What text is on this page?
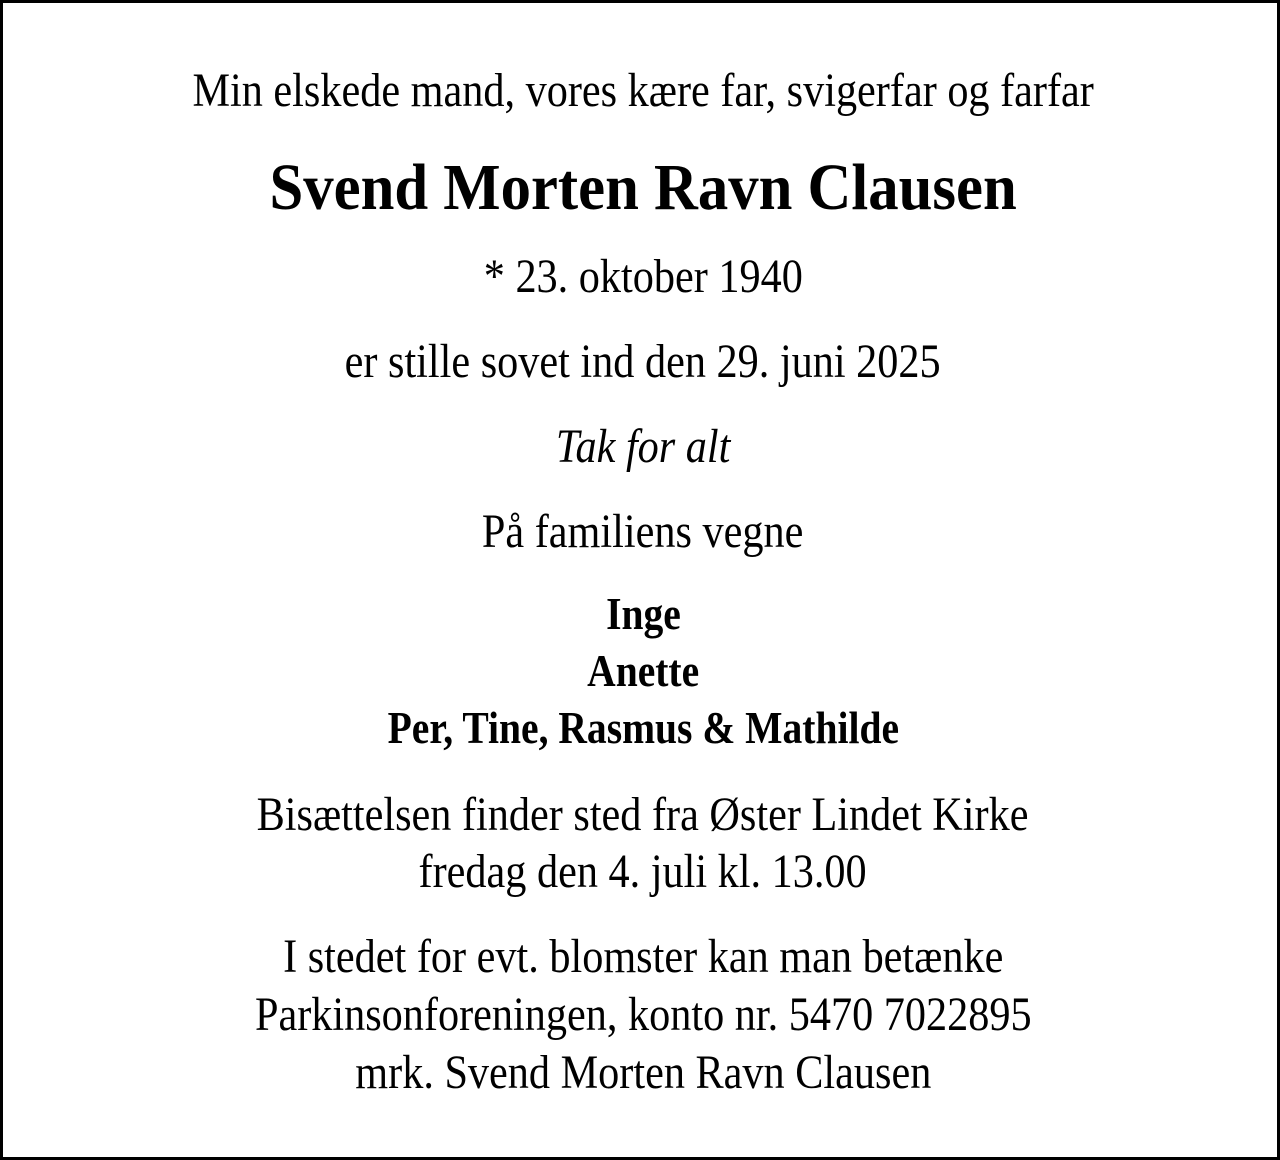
Min elskede mand, vores kære far, svigerfar og farfar
Svend Morten Ravn Clausen
* 23. oktober 1940
er stille sovet ind den 29. juni 2025
Tak for alt
På familiens vegne
Inge
Anette
Per, Tine, Rasmus & Mathilde
Bisættelsen finder sted fra Øster Lindet Kirke
fredag den 4. juli kl. 13.00
I stedet for evt. blomster kan man betænke
Parkinsonforeningen, konto nr. 5470 7022895
mrk. Svend Morten Ravn Clausen
